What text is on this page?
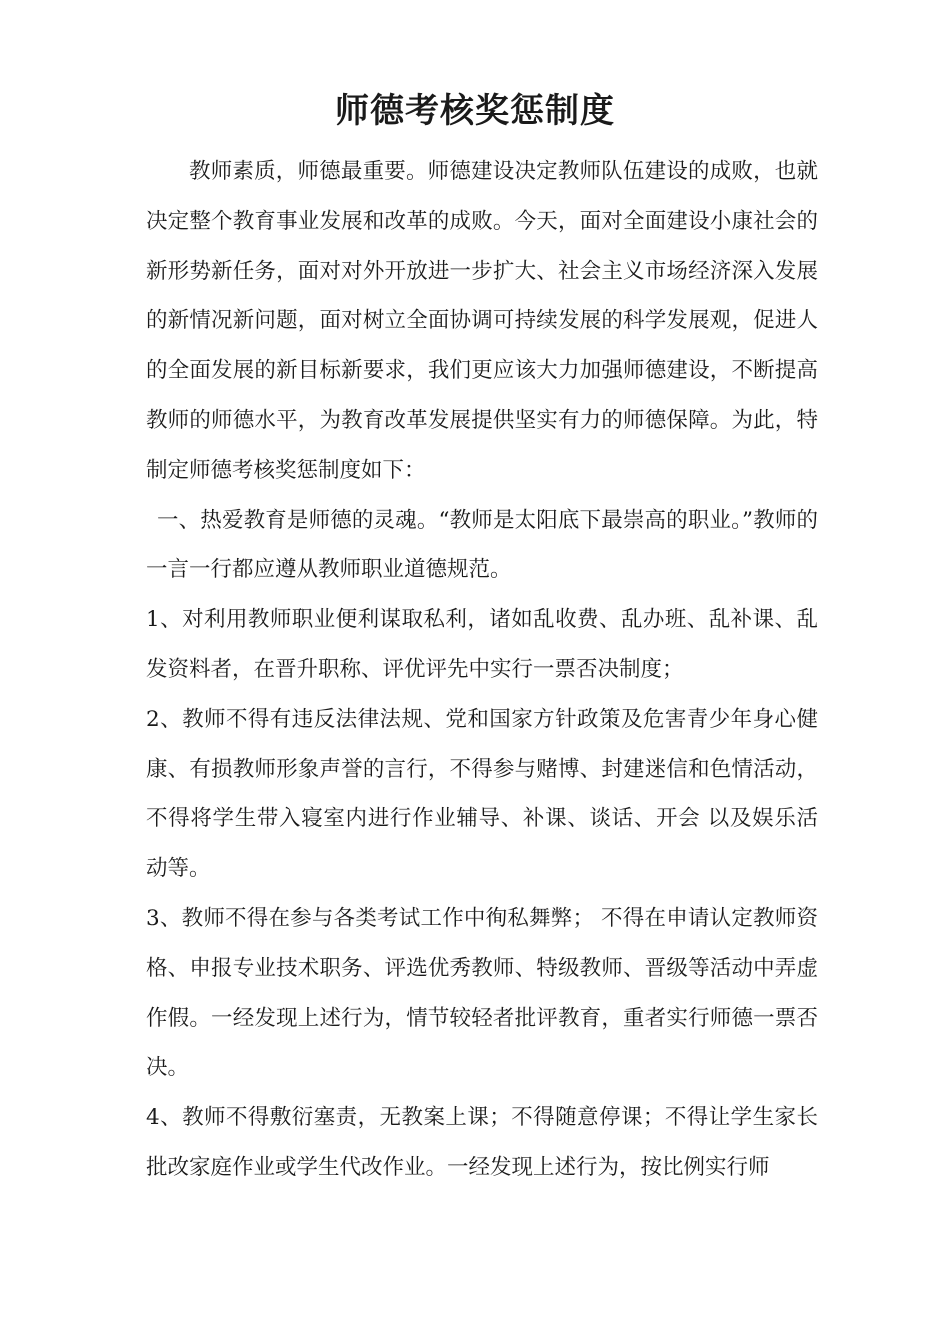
师德考核奖惩制度

教师素质，师德最重要。师德建设决定教师队伍建设的成败，也就决定整个教育事业发展和改革的成败。今天，面对全面建设小康社会的新形势新任务，面对对外开放进一步扩大、社会主义市场经济深入发展的新情况新问题，面对树立全面协调可持续发展的科学发展观，促进人的全面发展的新目标新要求，我们更应该大力加强师德建设，不断提高教师的师德水平，为教育改革发展提供坚实有力的师德保障。为此，特制定师德考核奖惩制度如下：

一、热爱教育是师德的灵魂。“教师是太阳底下最崇高的职业。”教师的一言一行都应遵从教师职业道德规范。

1、对利用教师职业便利谋取私利，诸如乱收费、乱办班、乱补课、乱发资料者，在晋升职称、评优评先中实行一票否决制度；

2、教师不得有违反法律法规、党和国家方针政策及危害青少年身心健康、有损教师形象声誉的言行，不得参与赌博、封建迷信和色情活动，不得将学生带入寝室内进行作业辅导、补课、谈话、开会 以及娱乐活动等。

3、教师不得在参与各类考试工作中徇私舞弊； 不得在申请认定教师资格、申报专业技术职务、评选优秀教师、特级教师、晋级等活动中弄虚作假。一经发现上述行为，情节较轻者批评教育，重者实行师德一票否决。

4、教师不得敷衍塞责，无教案上课；不得随意停课；不得让学生家长批改家庭作业或学生代改作业。一经发现上述行为，按比例实行师
